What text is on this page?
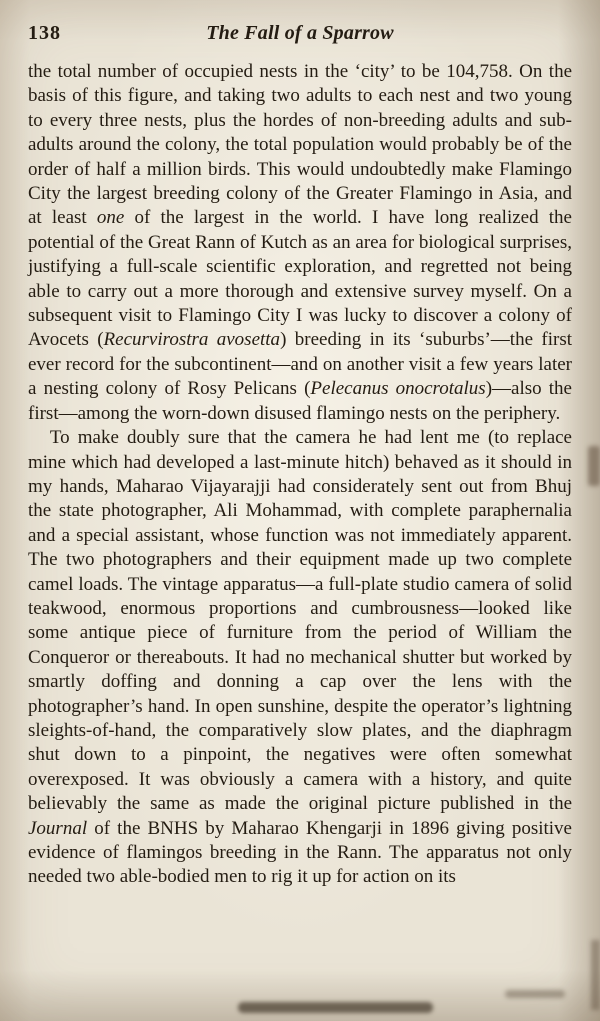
138	The Fall of a Sparrow

the total number of occupied nests in the ‘city’ to be 104,758. On the basis of this figure, and taking two adults to each nest and two young to every three nests, plus the hordes of non-breeding adults and sub-adults around the colony, the total population would probably be of the order of half a million birds. This would undoubtedly make Flamingo City the largest breeding colony of the Greater Flamingo in Asia, and at least one of the largest in the world. I have long realized the potential of the Great Rann of Kutch as an area for biological surprises, justifying a full-scale scientific exploration, and regretted not being able to carry out a more thorough and extensive survey myself. On a subsequent visit to Flamingo City I was lucky to discover a colony of Avocets (Recurvirostra avosetta) breeding in its ‘suburbs’—the first ever record for the subcontinent—and on another visit a few years later a nesting colony of Rosy Pelicans (Pelecanus onocrotalus)—also the first—among the worn-down disused flamingo nests on the periphery.

To make doubly sure that the camera he had lent me (to replace mine which had developed a last-minute hitch) behaved as it should in my hands, Maharao Vijayarajji had considerately sent out from Bhuj the state photographer, Ali Mohammad, with complete paraphernalia and a special assistant, whose function was not immediately apparent. The two photographers and their equipment made up two complete camel loads. The vintage apparatus—a full-plate studio camera of solid teakwood, enormous proportions and cumbrousness—looked like some antique piece of furniture from the period of William the Conqueror or thereabouts. It had no mechanical shutter but worked by smartly doffing and donning a cap over the lens with the photographer’s hand. In open sunshine, despite the operator’s lightning sleights-of-hand, the comparatively slow plates, and the diaphragm shut down to a pinpoint, the negatives were often somewhat overexposed. It was obviously a camera with a history, and quite believably the same as made the original picture published in the Journal of the BNHS by Maharao Khengarji in 1896 giving positive evidence of flamingos breeding in the Rann. The apparatus not only needed two able-bodied men to rig it up for action on its
